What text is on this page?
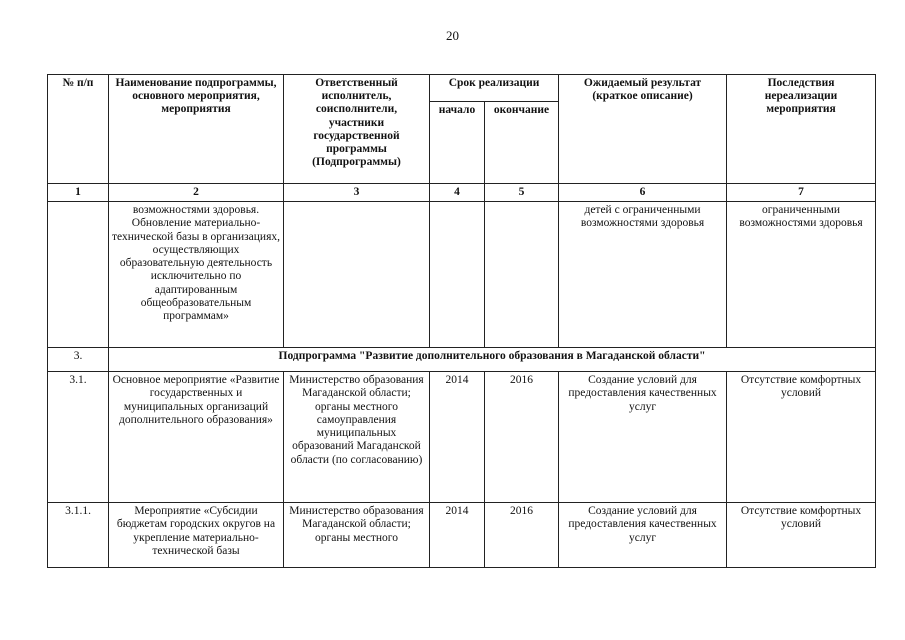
20
№ п/п	Наименование подпрограммы, основного мероприятия, мероприятия	Ответственный исполнитель, соисполнители, участники государственной программы (Подпрограммы)	Срок реализации		Ожидаемый результат (краткое описание)	Последствия нереализации мероприятия
			начало	окончание		
1	2	3	4	5	6	7
	возможностями здоровья. Обновление материально-технической базы в организациях, осуществляющих образовательную деятельность исключительно по адаптированным общеобразовательным программам»				детей с ограниченными возможностями здоровья	ограниченными возможностями здоровья
3.	Подпрограмма "Развитие дополнительного образования в Магаданской области"					
3.1.	Основное мероприятие «Развитие государственных и муниципальных организаций дополнительного образования»	Министерство образования Магаданской области; органы местного самоуправления муниципальных образований Магаданской области (по согласованию)	2014	2016	Создание условий для предоставления качественных услуг	Отсутствие комфортных условий
3.1.1.	Мероприятие «Субсидии бюджетам городских округов на укрепление материально-технической базы	Министерство образования Магаданской области; органы местного	2014	2016	Создание условий для предоставления качественных услуг	Отсутствие комфортных условий
